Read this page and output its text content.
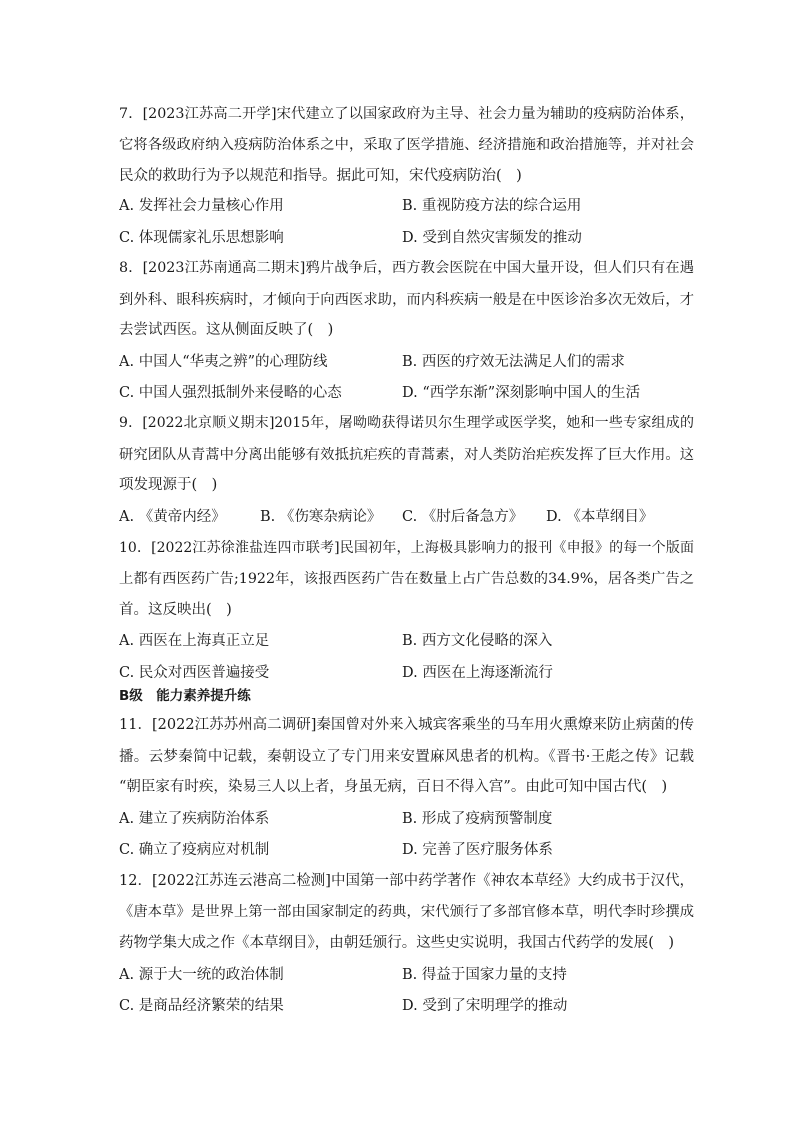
7．[2023江苏高二开学]宋代建立了以国家政府为主导、社会力量为辅助的疫病防治体系，
它将各级政府纳入疫病防治体系之中，采取了医学措施、经济措施和政治措施等，并对社会
民众的救助行为予以规范和指导。据此可知，宋代疫病防治(　)
A. 发挥社会力量核心作用	B. 重视防疫方法的综合运用
C. 体现儒家礼乐思想影响	D. 受到自然灾害频发的推动
8．[2023江苏南通高二期末]鸦片战争后，西方教会医院在中国大量开设，但人们只有在遇
到外科、眼科疾病时，才倾向于向西医求助，而内科疾病一般是在中医诊治多次无效后，才
去尝试西医。这从侧面反映了(　)
A. 中国人“华夷之辨”的心理防线	B. 西医的疗效无法满足人们的需求
C. 中国人强烈抵制外来侵略的心态	D. “西学东渐”深刻影响中国人的生活
9．[2022北京顺义期末]2015年，屠呦呦获得诺贝尔生理学或医学奖，她和一些专家组成的
研究团队从青蒿中分离出能够有效抵抗疟疾的青蒿素，对人类防治疟疾发挥了巨大作用。这
项发现源于(　)
A. 《黄帝内经》 B. 《伤寒杂病论》 C. 《肘后备急方》 D. 《本草纲目》
10．[2022江苏徐淮盐连四市联考]民国初年，上海极具影响力的报刊《申报》的每一个版面
上都有西医药广告;1922年，该报西医药广告在数量上占广告总数的34.9%，居各类广告之
首。这反映出(　)
A. 西医在上海真正立足	B. 西方文化侵略的深入
C. 民众对西医普遍接受	D. 西医在上海逐渐流行
B级　能力素养提升练
11．[2022江苏苏州高二调研]秦国曾对外来入城宾客乘坐的马车用火熏燎来防止病菌的传
播。云梦秦简中记载，秦朝设立了专门用来安置麻风患者的机构。《晋书·王彪之传》记载
“朝臣家有时疾，染易三人以上者，身虽无病，百日不得入宫”。由此可知中国古代(　)
A. 建立了疾病防治体系	B. 形成了疫病预警制度
C. 确立了疫病应对机制	D. 完善了医疗服务体系
12．[2022江苏连云港高二检测]中国第一部中药学著作《神农本草经》大约成书于汉代，
《唐本草》是世界上第一部由国家制定的药典，宋代颁行了多部官修本草，明代李时珍撰成
药物学集大成之作《本草纲目》，由朝廷颁行。这些史实说明，我国古代药学的发展(　)
A. 源于大一统的政治体制	B. 得益于国家力量的支持
C. 是商品经济繁荣的结果	D. 受到了宋明理学的推动
